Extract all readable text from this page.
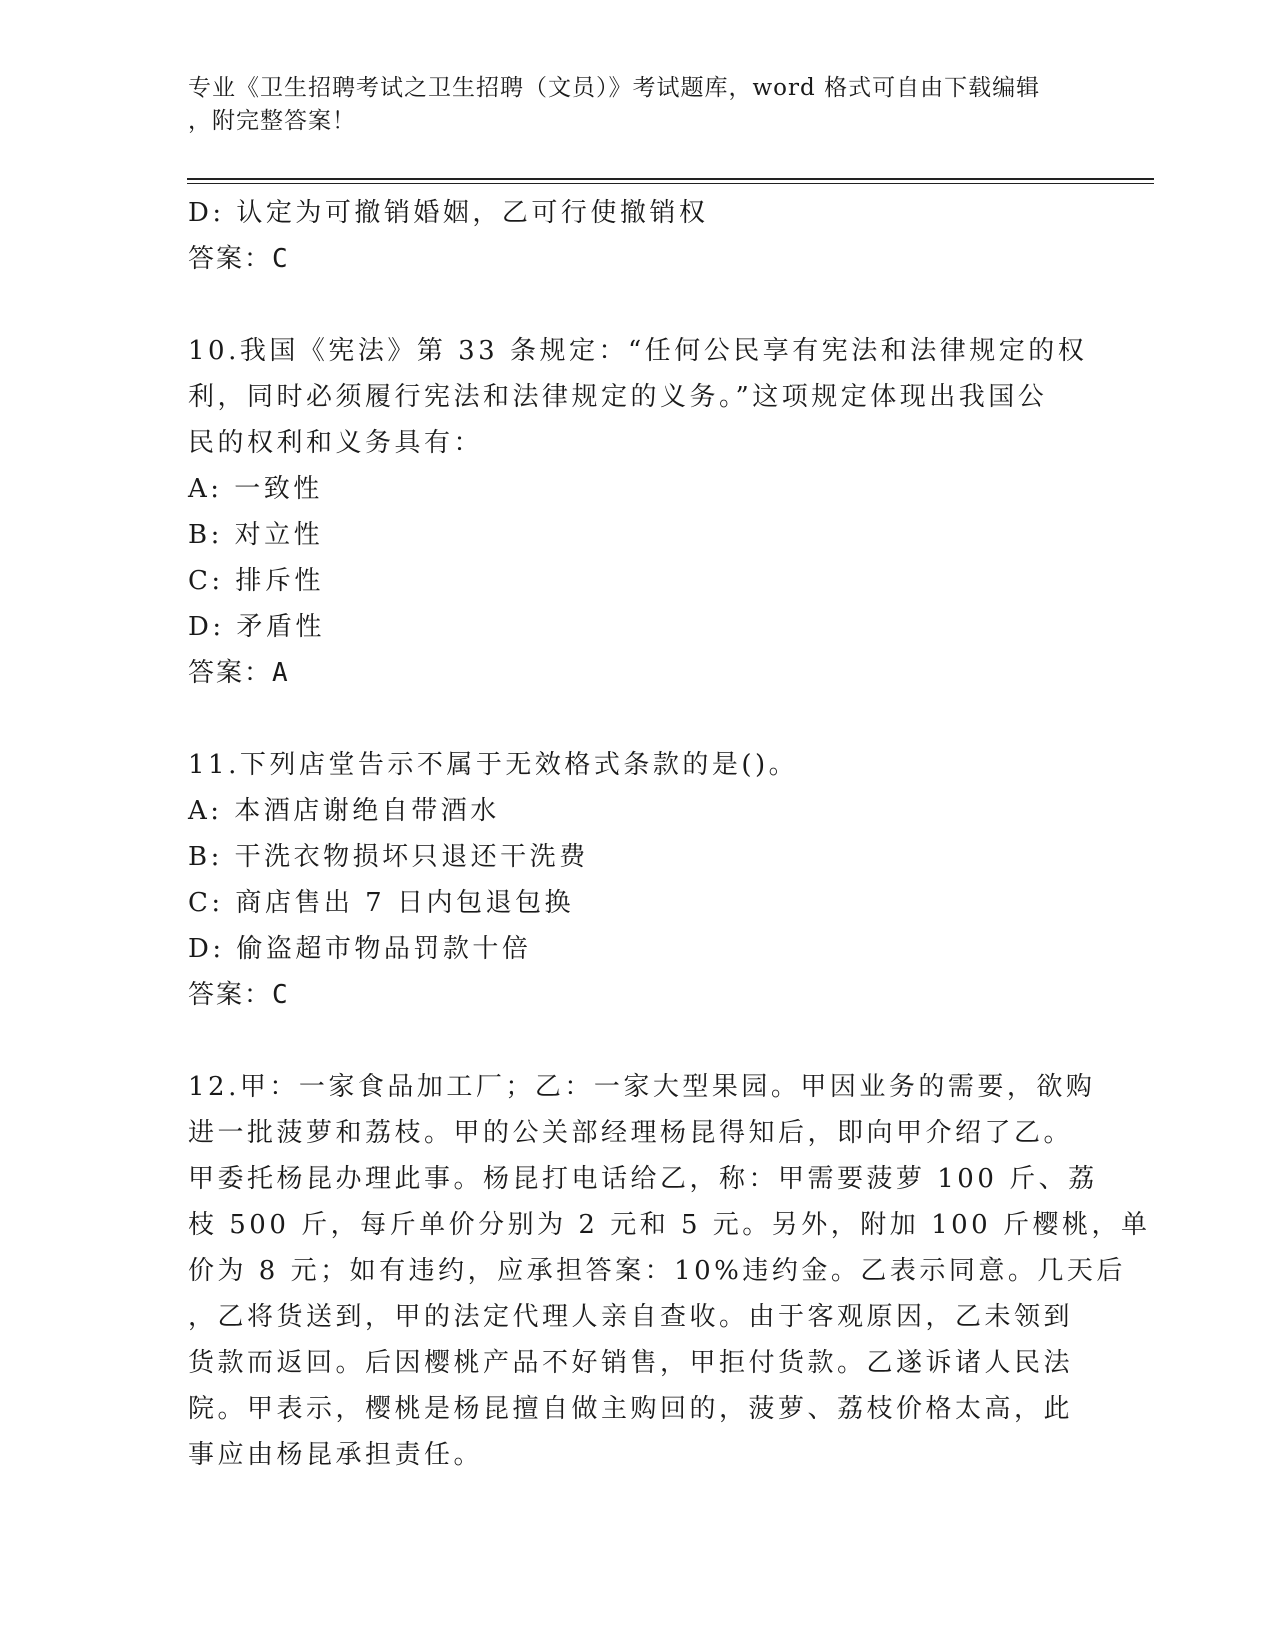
专业《卫生招聘考试之卫生招聘（文员）》考试题库，word 格式可自由下载编辑
，附完整答案！
D: 认定为可撤销婚姻，乙可行使撤销权
答案：C
10.我国《宪法》第 33 条规定：“任何公民享有宪法和法律规定的权
利，同时必须履行宪法和法律规定的义务。”这项规定体现出我国公
民的权利和义务具有：
A: 一致性
B: 对立性
C: 排斥性
D: 矛盾性
答案：A
11.下列店堂告示不属于无效格式条款的是()。
A: 本酒店谢绝自带酒水
B: 干洗衣物损坏只退还干洗费
C: 商店售出 7 日内包退包换
D: 偷盗超市物品罚款十倍
答案：C
12.甲：一家食品加工厂；乙：一家大型果园。甲因业务的需要，欲购
进一批菠萝和荔枝。甲的公关部经理杨昆得知后，即向甲介绍了乙。
甲委托杨昆办理此事。杨昆打电话给乙，称：甲需要菠萝 100 斤、荔
枝 500 斤，每斤单价分别为 2 元和 5 元。另外，附加 100 斤樱桃，单
价为 8 元；如有违约，应承担答案：10%违约金。乙表示同意。几天后
，乙将货送到，甲的法定代理人亲自查收。由于客观原因，乙未领到
货款而返回。后因樱桃产品不好销售，甲拒付货款。乙遂诉诸人民法
院。甲表示，樱桃是杨昆擅自做主购回的，菠萝、荔枝价格太高，此
事应由杨昆承担责任。
